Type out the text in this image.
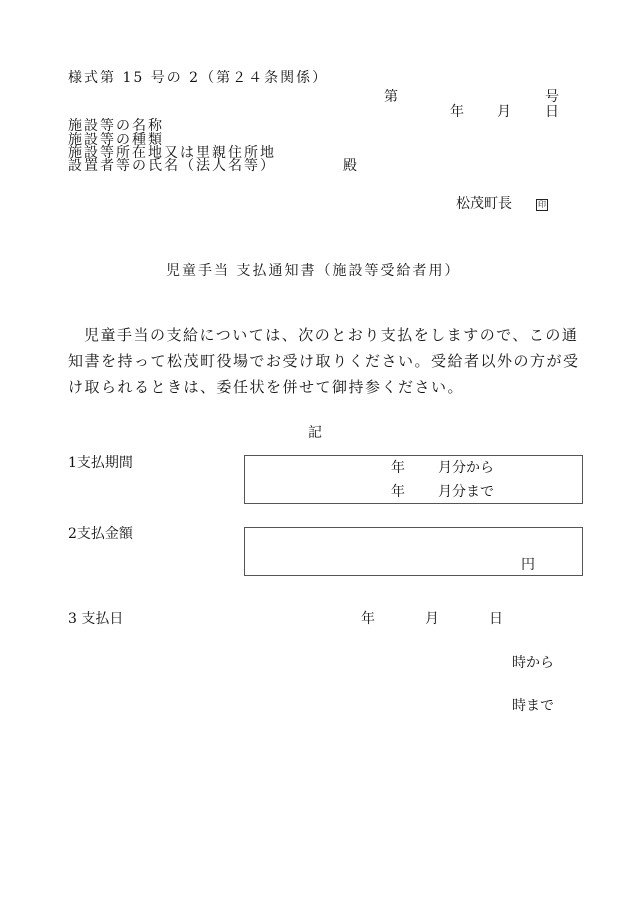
様式第 15 号の 2（第２４条関係）
第	号
年 月 日
施設等の名称
施設等の種類
施設等所在地又は里親住所地
設置者等の氏名（法人名等）	殿
松茂町長	印
児童手当 支払通知書（施設等受給者用）
児童手当の支給については、次のとおり支払をしますので、この通
知書を持って松茂町役場でお受け取りください。受給者以外の方が受
け取られるときは、委任状を併せて御持参ください。
記
1支払期間	年 月分から
年 月分まで
2支払金額
円
3 支払日	年	月	日
時から
時まで
